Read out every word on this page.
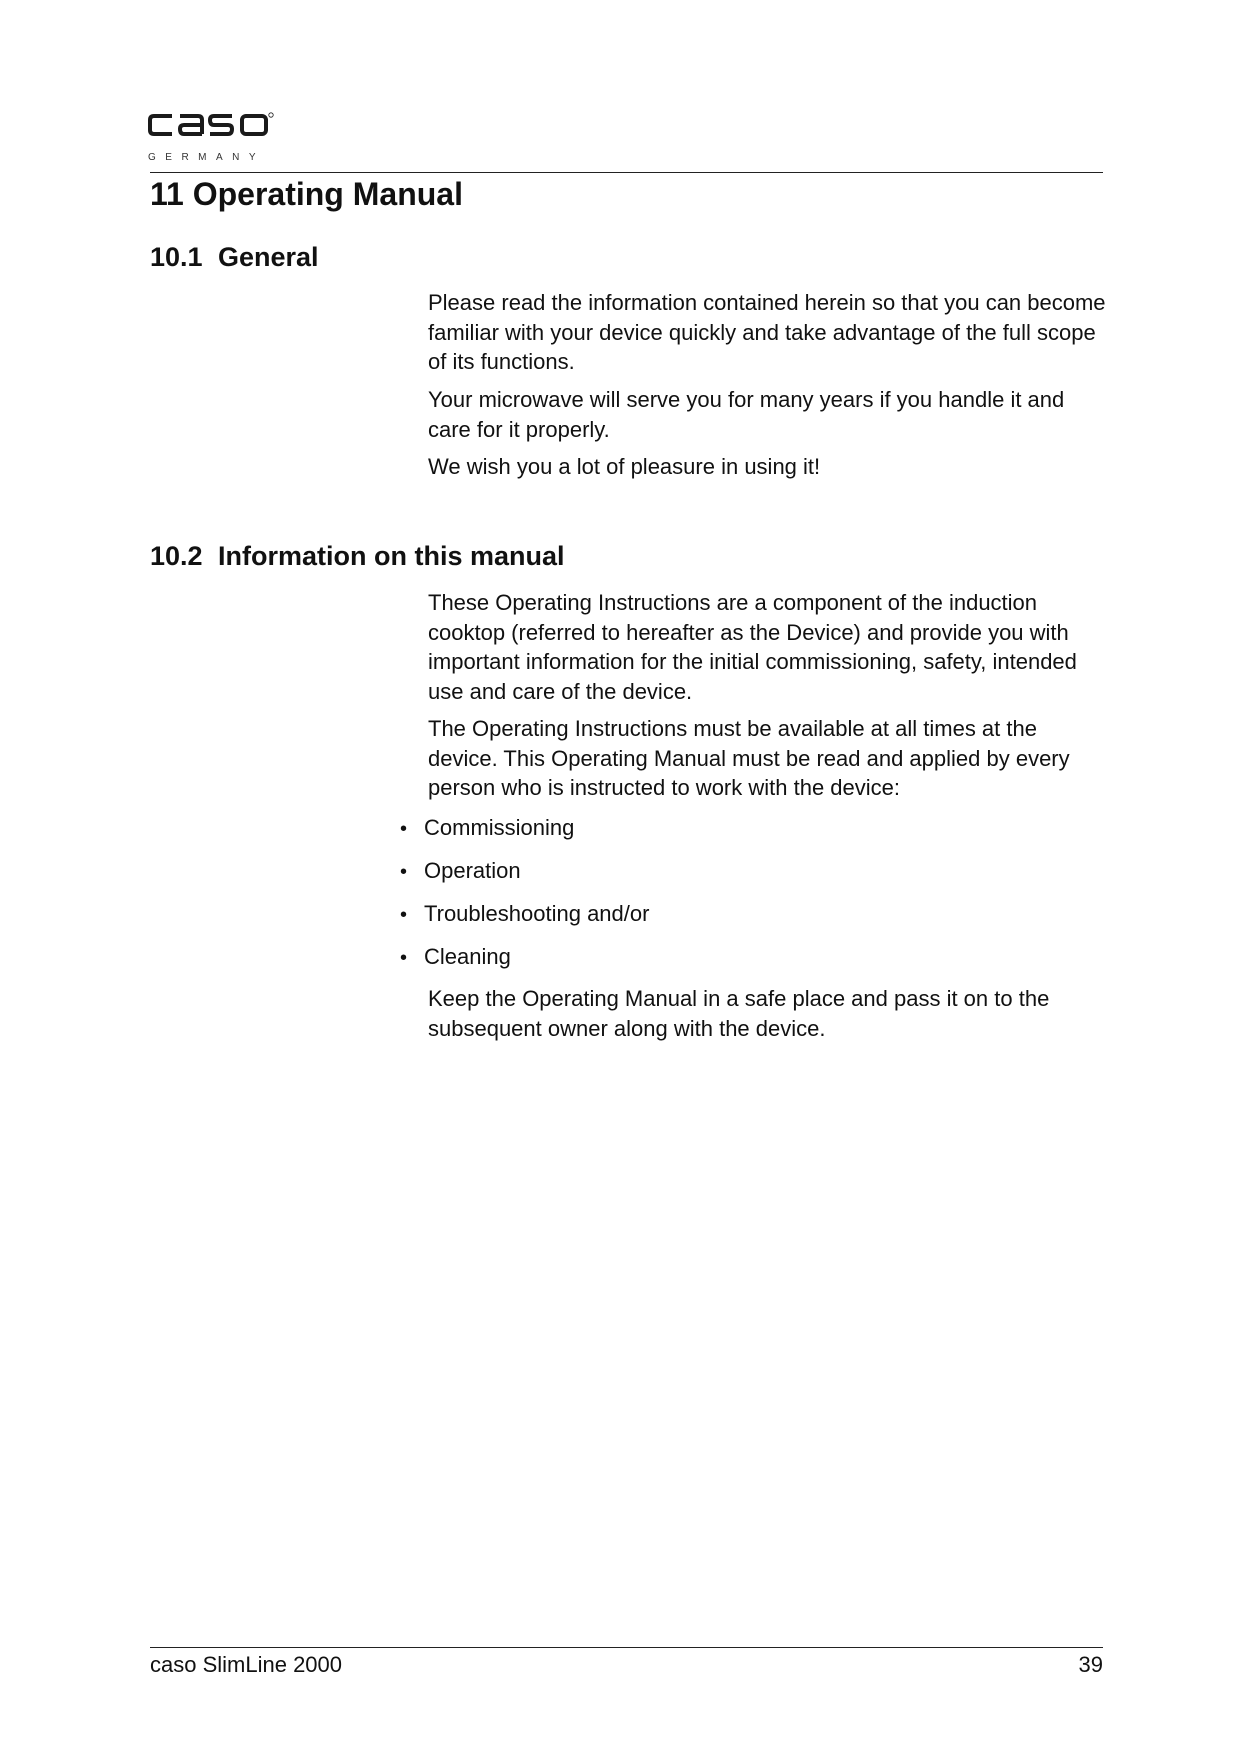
GERMANY
11 Operating Manual
10.1 General

Please read the information contained herein so that you can become familiar with your device quickly and take advantage of the full scope of its functions.

Your microwave will serve you for many years if you handle it and care for it properly.

We wish you a lot of pleasure in using it!

10.2 Information on this manual

These Operating Instructions are a component of the induction cooktop (referred to hereafter as the Device) and provide you with important information for the initial commissioning, safety, intended use and care of the device.

The Operating Instructions must be available at all times at the device. This Operating Manual must be read and applied by every person who is instructed to work with the device:

• Commissioning
• Operation
• Troubleshooting and/or
• Cleaning

Keep the Operating Manual in a safe place and pass it on to the subsequent owner along with the device.

caso SlimLine 2000	39
